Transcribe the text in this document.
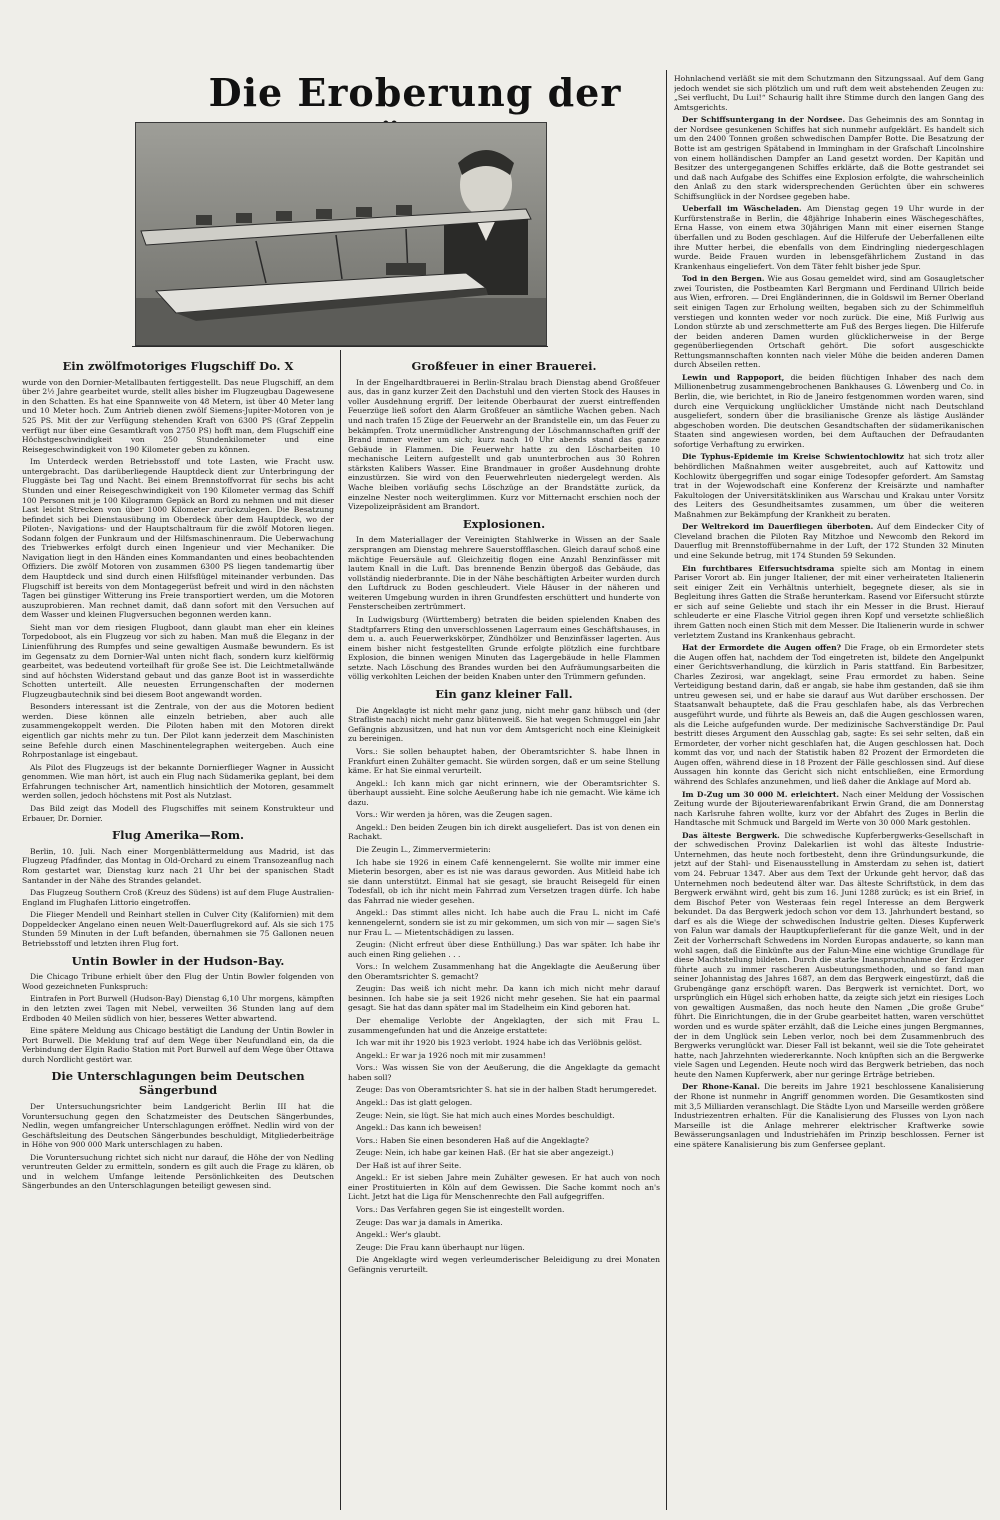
Die Eroberung der
Ein zwölfmotoriges Flugschiff Do. X

wurde von den Dornier-Metallbauten fertiggestellt. Das neue Flugschiff, an dem über 2½ Jahre gearbeitet wurde, stellt alles bisher im Flugzeugbau Dagewesene in den Schatten. Es hat eine Spannweite von 48 Metern, ist über 40 Meter lang und 10 Meter hoch. Zum Antrieb dienen zwölf Siemens-Jupiter-Motoren von je 525 PS. Mit der zur Verfügung stehenden Kraft von 6300 PS (Graf Zeppelin verfügt nur über eine Gesamtkraft von 2750 PS) hofft man, dem Flugschiff eine Höchstgeschwindigkeit von 250 Stundenkilometer und eine Reisegeschwindigkeit von 190 Kilometer geben zu können.

Im Unterdeck werden Betriebsstoff und tote Lasten, wie Fracht usw. untergebracht. Das darüberliegende Hauptdeck dient zur Unterbringung der Fluggäste bei Tag und Nacht. Bei einem Brennstoffvorrat für sechs bis acht Stunden und einer Reisegeschwindigkeit von 190 Kilometer vermag das Schiff 100 Personen mit je 100 Kilogramm Gepäck an Bord zu nehmen und mit dieser Last leicht Strecken von über 1000 Kilometer zurückzulegen. Die Besatzung befindet sich bei Dienstausübung im Oberdeck über dem Hauptdeck, wo der Piloten-, Navigations- und der Hauptschaltraum für die zwölf Motoren liegen. Sodann folgen der Funkraum und der Hilfsmaschinenraum. Die Ueberwachung des Triebwerkes erfolgt durch einen Ingenieur und vier Mechaniker. Die Navigation liegt in den Händen eines Kommandanten und eines beobachtenden Offiziers. Die zwölf Motoren von zusammen 6300 PS liegen tandemartig über dem Hauptdeck und sind durch einen Hilfsflügel miteinander verbunden. Das Flugschiff ist bereits von dem Montagegerüst befreit und wird in den nächsten Tagen bei günstiger Witterung ins Freie transportiert werden, um die Motoren auszuprobieren. Man rechnet damit, daß dann sofort mit den Versuchen auf dem Wasser und kleinen Flugversuchen begonnen werden kann.

Sieht man vor dem riesigen Flugboot, dann glaubt man eher ein kleines Torpedoboot, als ein Flugzeug vor sich zu haben. Man muß die Eleganz in der Linienführung des Rumpfes und seine gewaltigen Ausmaße bewundern. Es ist im Gegensatz zu dem Dornier-Wal unten nicht flach, sondern kurz kielförmig gearbeitet, was bedeutend vorteilhaft für große See ist. Die Leichtmetallwände sind auf höchsten Widerstand gebaut und das ganze Boot ist in wasserdichte Schotten unterteilt. Alle neuesten Errungenschaften der modernen Flugzeugbautechnik sind bei diesem Boot angewandt worden.

Besonders interessant ist die Zentrale, von der aus die Motoren bedient werden. Diese können alle einzeln betrieben, aber auch alle zusammengekoppelt werden. Die Piloten haben mit den Motoren direkt eigentlich gar nichts mehr zu tun. Der Pilot kann jederzeit dem Maschinisten seine Befehle durch einen Maschinentelegraphen weitergeben. Auch eine Rohrpostanlage ist eingebaut.

Als Pilot des Flugzeugs ist der bekannte Dornierflieger Wagner in Aussicht genommen. Wie man hört, ist auch ein Flug nach Südamerika geplant, bei dem Erfahrungen technischer Art, namentlich hinsichtlich der Motoren, gesammelt werden sollen, jedoch höchstens mit Post als Nutzlast.

Das Bild zeigt das Modell des Flugschiffes mit seinem Konstrukteur und Erbauer, Dr. Dornier.

Flug Amerika—Rom.

Berlin, 10. Juli. Nach einer Morgenblättermeldung aus Madrid, ist das Flugzeug Pfadfinder, das Montag in Old-Orchard zu einem Transozeanflug nach Rom gestartet war, Dienstag kurz nach 21 Uhr bei der spanischen Stadt Santander in der Nähe des Strandes gelandet.

Das Flugzeug Southern Croß (Kreuz des Südens) ist auf dem Fluge Australien-England im Flughafen Littorio eingetroffen.

Die Flieger Mendell und Reinhart stellen in Culver City (Kalifornien) mit dem Doppeldecker Angelano einen neuen Welt-Dauerflugrekord auf. Als sie sich 175 Stunden 59 Minuten in der Luft befanden, übernahmen sie 75 Gallonen neuen Betriebsstoff und letzten ihren Flug fort.

Untin Bowler in der Hudson-Bay.

Die Chicago Tribune erhielt über den Flug der Untin Bowler folgenden von Wood gezeichneten Funkspruch:

Eintrafen in Port Burwell (Hudson-Bay) Dienstag 6,10 Uhr morgens, kämpften in den letzten zwei Tagen mit Nebel, verweilten 36 Stunden lang auf dem Erdboden 40 Meilen südlich von hier, besseres Wetter abwartend.

Eine spätere Meldung aus Chicago bestätigt die Landung der Untin Bowler in Port Burwell. Die Meldung traf auf dem Wege über Neufundland ein, da die Verbindung der Elgin Radio Station mit Port Burwell auf dem Wege über Ottawa durch Nordlicht gestört war.

Die Unterschlagungen beim Deutschen Sängerbund

Der Untersuchungsrichter beim Landgericht Berlin III hat die Voruntersuchung gegen den Schatzmeister des Deutschen Sängerbundes, Nedlin, wegen umfangreicher Unterschlagungen eröffnet. Nedlin wird von der Geschäftsleitung des Deutschen Sängerbundes beschuldigt, Mitgliederbeiträge in Höhe von 900 000 Mark unterschlagen zu haben.

Die Voruntersuchung richtet sich nicht nur darauf, die Höhe der von Nedling veruntreuten Gelder zu ermitteln, sondern es gilt auch die Frage zu klären, ob und in welchem Umfange leitende Persönlichkeiten des Deutschen Sängerbundes an den Unterschlagungen beteiligt gewesen sind.

Großfeuer in einer Brauerei.

In der Engelhardtbrauerei in Berlin-Stralau brach Dienstag abend Großfeuer aus, das in ganz kurzer Zeit den Dachstuhl und den vierten Stock des Hauses in voller Ausdehnung ergriff. Der leitende Oberbaurat der zuerst eintreffenden Feuerzüge ließ sofort den Alarm Großfeuer an sämtliche Wachen geben. Nach und nach trafen 15 Züge der Feuerwehr an der Brandstelle ein, um das Feuer zu bekämpfen. Trotz unermüdlicher Anstrengung der Löschmannschaften griff der Brand immer weiter um sich; kurz nach 10 Uhr abends stand das ganze Gebäude in Flammen. Die Feuerwehr hatte zu den Löscharbeiten 10 mechanische Leitern aufgestellt und gab ununterbrochen aus 30 Rohren stärksten Kalibers Wasser. Eine Brandmauer in großer Ausdehnung drohte einzustürzen. Sie wird von den Feuerwehrleuten niedergelegt werden. Als Wache bleiben vorläufig sechs Löschzüge an der Brandstätte zurück, da einzelne Nester noch weiterglimmen. Kurz vor Mitternacht erschien noch der Vizepolizeipräsident am Brandort.

Explosionen.

In dem Materiallager der Vereinigten Stahlwerke in Wissen an der Saale zersprangen am Dienstag mehrere Sauerstoffflaschen. Gleich darauf schoß eine mächtige Feuersäule auf. Gleichzeitig flogen eine Anzahl Benzinfässer mit lautem Knall in die Luft. Das brennende Benzin übergoß das Gebäude, das vollständig niederbrannte. Die in der Nähe beschäftigten Arbeiter wurden durch den Luftdruck zu Boden geschleudert. Viele Häuser in der näheren und weiteren Umgebung wurden in ihren Grundfesten erschüttert und hunderte von Fensterscheiben zertrümmert.

In Ludwigsburg (Württemberg) betraten die beiden spielenden Knaben des Stadtpfarrers Eting den unverschlossenen Lagerraum eines Geschäftshauses, in dem u. a. auch Feuerwerkskörper, Zündhölzer und Benzinfässer lagerten. Aus einem bisher nicht festgestellten Grunde erfolgte plötzlich eine furchtbare Explosion, die binnen wenigen Minuten das Lagergebäude in helle Flammen setzte. Nach Löschung des Brandes wurden bei den Aufräumungsarbeiten die völlig verkohlten Leichen der beiden Knaben unter den Trümmern gefunden.

Ein ganz kleiner Fall.

Die Angeklagte ist nicht mehr ganz jung, nicht mehr ganz hübsch und (der Strafliste nach) nicht mehr ganz blütenweiß. Sie hat wegen Schmuggel ein Jahr Gefängnis abzusitzen, und hat nun vor dem Amtsgericht noch eine Kleinigkeit zu bereinigen.

Vors.: Sie sollen behauptet haben, der Oberamtsrichter S. habe Ihnen in Frankfurt einen Zuhälter gemacht. Sie würden sorgen, daß er um seine Stellung käme. Er hat Sie einmal verurteilt.

Angekl.: Ich kann mich gar nicht erinnern, wie der Oberamtsrichter S. überhaupt aussieht. Eine solche Aeußerung habe ich nie gemacht. Wie käme ich dazu.

Vors.: Wir werden ja hören, was die Zeugen sagen.

Angekl.: Den beiden Zeugen bin ich direkt ausgeliefert. Das ist von denen ein Rachakt.

Die Zeugin L., Zimmervermieterin:

Ich habe sie 1926 in einem Café kennengelernt. Sie wollte mir immer eine Mieterin besorgen, aber es ist nie was daraus geworden. Aus Mitleid habe ich sie dann unterstützt. Einmal hat sie gesagt, sie braucht Reisegeld für einen Todesfall, ob ich ihr nicht mein Fahrrad zum Versetzen tragen dürfe. Ich habe das Fahrrad nie wieder gesehen.

Angekl.: Das stimmt alles nicht. Ich habe auch die Frau L. nicht im Café kennengelernt, sondern sie ist zu mir gekommen, um sich von mir — sagen Sie's nur Frau L. — Mietentschädigen zu lassen.

Zeugin: (Nicht erfreut über diese Enthüllung.) Das war später. Ich habe ihr auch einen Ring geliehen . . .

Vors.: In welchem Zusammenhang hat die Angeklagte die Aeußerung über den Oberamtsrichter S. gemacht?

Zeugin: Das weiß ich nicht mehr. Da kann ich mich nicht mehr darauf besinnen. Ich habe sie ja seit 1926 nicht mehr gesehen. Sie hat ein paarmal gesagt. Sie hat das dann später mal im Stadelheim ein Kind geboren hat.

Der ehemalige Verlobte der Angeklagten, der sich mit Frau L. zusammengefunden hat und die Anzeige erstattete:

Ich war mit ihr 1920 bis 1923 verlobt. 1924 habe ich das Verlöbnis gelöst.

Angekl.: Er war ja 1926 noch mit mir zusammen!

Vors.: Was wissen Sie von der Aeußerung, die die Angeklagte da gemacht haben soll?

Zeuge: Das von Oberamtsrichter S. hat sie in der halben Stadt herumgeredet.

Angekl.: Das ist glatt gelogen.

Zeuge: Nein, sie lügt. Sie hat mich auch eines Mordes beschuldigt.

Angekl.: Das kann ich beweisen!

Vors.: Haben Sie einen besonderen Haß auf die Angeklagte?

Zeuge: Nein, ich habe gar keinen Haß. (Er hat sie aber angezeigt.)

Der Haß ist auf ihrer Seite.

Angekl.: Er ist sieben Jahre mein Zuhälter gewesen. Er hat auch von noch einer Prostituierten in Köln auf dem Gewissen. Die Sache kommt noch an's Licht. Jetzt hat die Liga für Menschenrechte den Fall aufgegriffen.

Vors.: Das Verfahren gegen Sie ist eingestellt worden.

Zeuge: Das war ja damals in Amerika.

Angekl.: Wer's glaubt.

Zeuge: Die Frau kann überhaupt nur lügen.

Die Angeklagte wird wegen verleumderischer Beleidigung zu drei Monaten Gefängnis verurteilt.

Hohnlachend verläßt sie mit dem Schutzmann den Sitzungssaal. Auf dem Gang jedoch wendet sie sich plötzlich um und ruft dem weit abstehenden Zeugen zu: „Sei verflucht, Du Lui!“ Schaurig hallt ihre Stimme durch den langen Gang des Amtsgerichts.

Der Schiffsuntergang in der Nordsee. Das Geheimnis des am Sonntag in der Nordsee gesunkenen Schiffes hat sich nunmehr aufgeklärt. Es handelt sich um den 2400 Tonnen großen schwedischen Dampfer Botte. Die Besatzung der Botte ist am gestrigen Spätabend in Immingham in der Grafschaft Lincolnshire von einem holländischen Dampfer an Land gesetzt worden. Der Kapitän und Besitzer des untergegangenen Schiffes erklärte, daß die Botte gestrandet sei und daß nach Aufgabe des Schiffes eine Explosion erfolgte, die wahrscheinlich den Anlaß zu den stark widersprechenden Gerüchten über ein schweres Schiffsunglück in der Nordsee gegeben habe.

Ueberfall im Wäscheladen. Am Dienstag gegen 19 Uhr wurde in der Kurfürstenstraße in Berlin, die 48jährige Inhaberin eines Wäschegeschäftes, Erna Hasse, von einem etwa 30jährigen Mann mit einer eisernen Stange überfallen und zu Boden geschlagen. Auf die Hilferufe der Ueberfallenen eilte ihre Mutter herbei, die ebenfalls von dem Eindringling niedergeschlagen wurde. Beide Frauen wurden in lebensgefährlichem Zustand in das Krankenhaus eingeliefert. Von dem Täter fehlt bisher jede Spur.

Tod in den Bergen. Wie aus Gosau gemeldet wird, sind am Gosaugletscher zwei Touristen, die Postbeamten Karl Bergmann und Ferdinand Ullrich beide aus Wien, erfroren. — Drei Engländerinnen, die in Goldswil im Berner Oberland seit einigen Tagen zur Erholung weilten, begaben sich zu der Schimmelfluh verstiegen und konnten weder vor noch zurück. Die eine, Miß Furlwig aus London stürzte ab und zerschmetterte am Fuß des Berges liegen. Die Hilferufe der beiden anderen Damen wurden glücklicherweise in der Berge gegenüberliegenden Ortschaft gehört. Die sofort ausgeschickte Rettungsmannschaften konnten nach vieler Mühe die beiden anderen Damen durch Abseilen retten.

Lewin und Rappoport, die beiden flüchtigen Inhaber des nach dem Millionenbetrug zusammengebrochenen Bankhauses G. Löwenberg und Co. in Berlin, die, wie berichtet, in Rio de Janeiro festgenommen worden waren, sind durch eine Verquickung unglücklicher Umstände nicht nach Deutschland ausgeliefert, sondern über die brasilianische Grenze als lästige Ausländer abgeschoben worden. Die deutschen Gesandtschaften der südamerikanischen Staaten sind angewiesen worden, bei dem Auftauchen der Defraudanten sofortige Verhaftung zu erwirken.

Die Typhus-Epidemie im Kreise Schwientochlowitz hat sich trotz aller behördlichen Maßnahmen weiter ausgebreitet, auch auf Kattowitz und Kochlowitz übergegriffen und sogar einige Todesopfer gefordert. Am Samstag trat in der Wojewodschaft eine Konferenz der Kreisärzte und namhafter Fakultologen der Universitätskliniken aus Warschau und Krakau unter Vorsitz des Leiters des Gesundheitsamtes zusammen, um über die weiteren Maßnahmen zur Bekämpfung der Krankheit zu beraten.

Der Weltrekord im Dauerfliegen überboten. Auf dem Eindecker City of Cleveland brachen die Piloten Ray Mitzhoe und Newcomb den Rekord im Dauerflug mit Brennstoffübernahme in der Luft, der 172 Stunden 32 Minuten und eine Sekunde betrug, mit 174 Stunden 59 Sekunden.

Ein furchtbares Eifersuchtsdrama spielte sich am Montag in einem Pariser Vorort ab. Ein junger Italiener, der mit einer verheirateten Italienerin seit einiger Zeit ein Verhältnis unterhielt, begegnete dieser, als sie in Begleitung ihres Gatten die Straße herunterkam. Rasend vor Eifersucht stürzte er sich auf seine Geliebte und stach ihr ein Messer in die Brust. Hierauf schleuderte er eine Flasche Vitriol gegen ihren Kopf und versetzte schließlich ihrem Gatten noch einen Stich mit dem Messer. Die Italienerin wurde in schwer verletztem Zustand ins Krankenhaus gebracht.

Hat der Ermordete die Augen offen? Die Frage, ob ein Ermordeter stets die Augen offen hat, nachdem der Tod eingetreten ist, bildete den Angelpunkt einer Gerichtsverhandlung, die kürzlich in Paris stattfand. Ein Barbesitzer, Charles Zezirosi, war angeklagt, seine Frau ermordet zu haben. Seine Verteidigung bestand darin, daß er angab, sie habe ihm gestanden, daß sie ihm untreu gewesen sei, und er habe sie darauf aus Wut darüber erschossen. Der Staatsanwalt behauptete, daß die Frau geschlafen habe, als das Verbrechen ausgeführt wurde, und führte als Beweis an, daß die Augen geschlossen waren, als die Leiche aufgefunden wurde. Der medizinische Sachverständige Dr. Paul bestritt dieses Argument den Ausschlag gab, sagte: Es sei sehr selten, daß ein Ermordeter, der vorher nicht geschlafen hat, die Augen geschlossen hat. Doch kommt das vor, und nach der Statistik haben 82 Prozent der Ermordeten die Augen offen, während diese in 18 Prozent der Fälle geschlossen sind. Auf diese Aussagen hin konnte das Gericht sich nicht entschließen, eine Ermordung während des Schlafes anzunehmen, und ließ daher die Anklage auf Mord ab.

Im D-Zug um 30 000 M. erleichtert. Nach einer Meldung der Vossischen Zeitung wurde der Bijouteriewarenfabrikant Erwin Grand, die am Donnerstag nach Karlsruhe fahren wollte, kurz vor der Abfahrt des Zuges in Berlin die Handtasche mit Schmuck und Bargeld im Werte von 30 000 Mark gestohlen.

Das älteste Bergwerk. Die schwedische Kupferbergwerks-Gesellschaft in der schwedischen Provinz Dalekarlien ist wohl das älteste Industrie-Unternehmen, das heute noch fortbesteht, denn ihre Gründungsurkunde, die jetzt auf der Stahl- und Eisenausstellung in Amsterdam zu sehen ist, datiert vom 24. Februar 1347. Aber aus dem Text der Urkunde geht hervor, daß das Unternehmen noch bedeutend älter war. Das älteste Schriftstück, in dem das Bergwerk erwähnt wird, geht bis zum 16. Juni 1288 zurück; es ist ein Brief, in dem Bischof Peter von Westeraas fein regel Interesse an dem Bergwerk bekundet. Da das Bergwerk jedoch schon vor dem 13. Jahrhundert bestand, so darf es als die Wiege der schwedischen Industrie gelten. Dieses Kupferwerk von Falun war damals der Hauptkupferlieferant für die ganze Welt, und in der Zeit der Vorherrschaft Schwedens im Norden Europas andauerte, so kann man wohl sagen, daß die Einkünfte aus der Falun-Mine eine wichtige Grundlage für diese Machtstellung bildeten. Durch die starke Inanspruchnahme der Erzlager führte auch zu immer rascheren Ausbeutungsmethoden, und so fand man seiner Johannistag des Jahres 1687, an dem das Bergwerk eingestürzt, daß die Grubengänge ganz erschöpft waren. Das Bergwerk ist vernichtet. Dort, wo ursprünglich ein Hügel sich erhoben hatte, da zeigte sich jetzt ein riesiges Loch von gewaltigen Ausmaßen, das noch heute den Namen „Die große Grube“ führt. Die Einrichtungen, die in der Grube gearbeitet hatten, waren verschüttet worden und es wurde später erzählt, daß die Leiche eines jungen Bergmannes, der in dem Unglück sein Leben verlor, noch bei dem Zusammenbruch des Bergwerks verunglückt war. Dieser Fall ist bekannt, weil sie die Tote geheiratet hatte, nach Jahrzehnten wiedererkannte. Noch knüpften sich an die Bergwerke viele Sagen und Legenden. Heute noch wird das Bergwerk betrieben, das noch heute den Namen Kupferwerk, aber nur geringe Erträge betrieben.

Der Rhone-Kanal. Die bereits im Jahre 1921 beschlossene Kanalisierung der Rhone ist nunmehr in Angriff genommen worden. Die Gesamtkosten sind mit 3,5 Milliarden veranschlagt. Die Städte Lyon und Marseille werden größere Industriezentren erhalten. Für die Kanalisierung des Flusses von Lyon nach Marseille ist die Anlage mehrerer elektrischer Kraftwerke sowie Bewässerungsanlagen und Industriehäfen im Prinzip beschlossen. Ferner ist eine spätere Kanalisierung bis zum Genfersee geplant.
